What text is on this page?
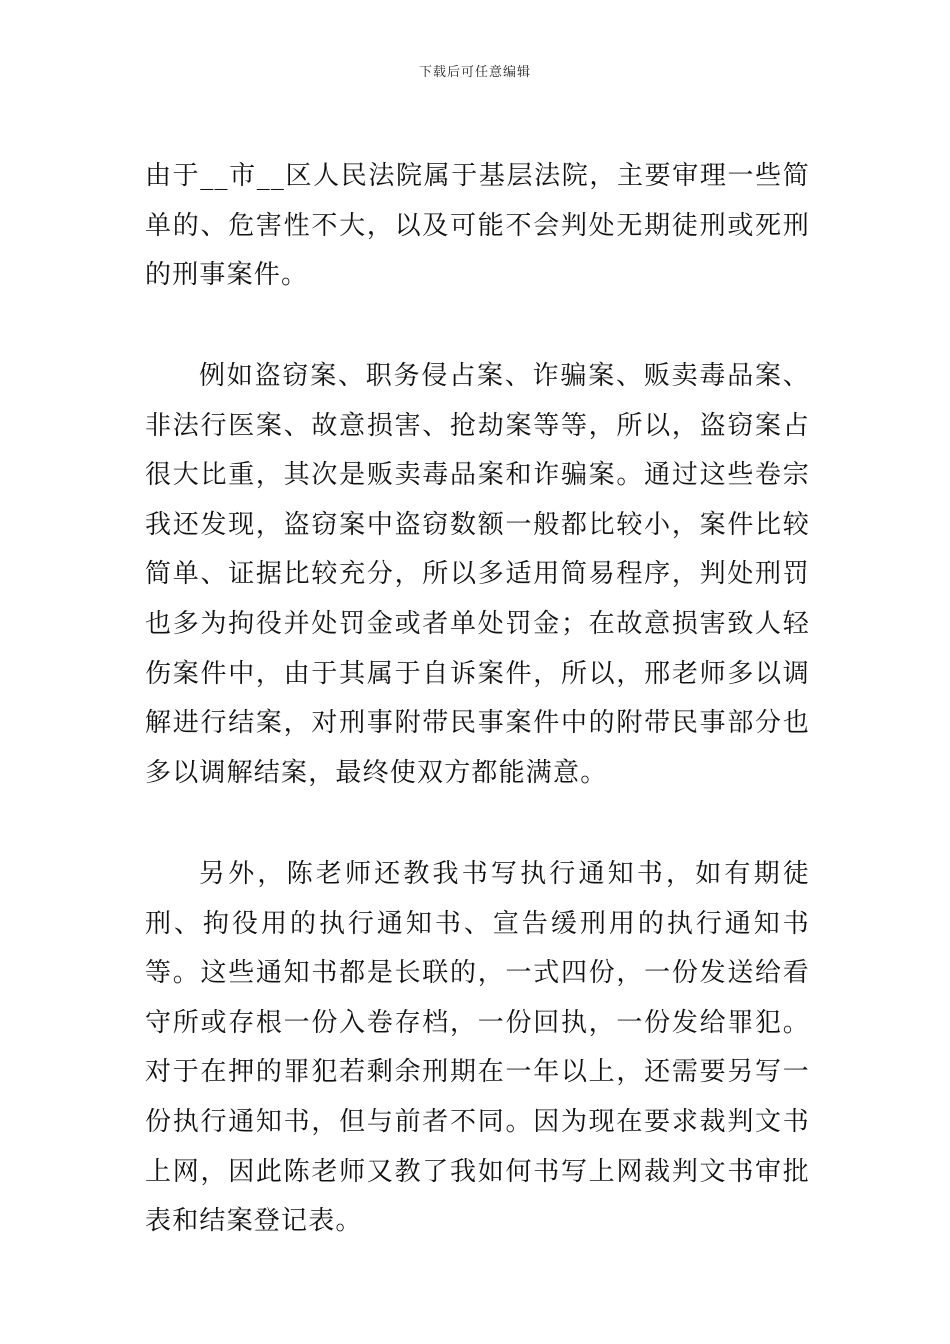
下载后可任意编辑

由于__市__区人民法院属于基层法院，主要审理一些简单的、危害性不大，以及可能不会判处无期徒刑或死刑的刑事案件。

例如盗窃案、职务侵占案、诈骗案、贩卖毒品案、非法行医案、故意损害、抢劫案等等，所以，盗窃案占很大比重，其次是贩卖毒品案和诈骗案。通过这些卷宗我还发现，盗窃案中盗窃数额一般都比较小，案件比较简单、证据比较充分，所以多适用简易程序，判处刑罚也多为拘役并处罚金或者单处罚金；在故意损害致人轻伤案件中，由于其属于自诉案件，所以，邢老师多以调解进行结案，对刑事附带民事案件中的附带民事部分也多以调解结案，最终使双方都能满意。

另外，陈老师还教我书写执行通知书，如有期徒刑、拘役用的执行通知书、宣告缓刑用的执行通知书等。这些通知书都是长联的，一式四份，一份发送给看守所或存根一份入卷存档，一份回执，一份发给罪犯。对于在押的罪犯若剩余刑期在一年以上，还需要另写一份执行通知书，但与前者不同。因为现在要求裁判文书上网，因此陈老师又教了我如何书写上网裁判文书审批表和结案登记表。
